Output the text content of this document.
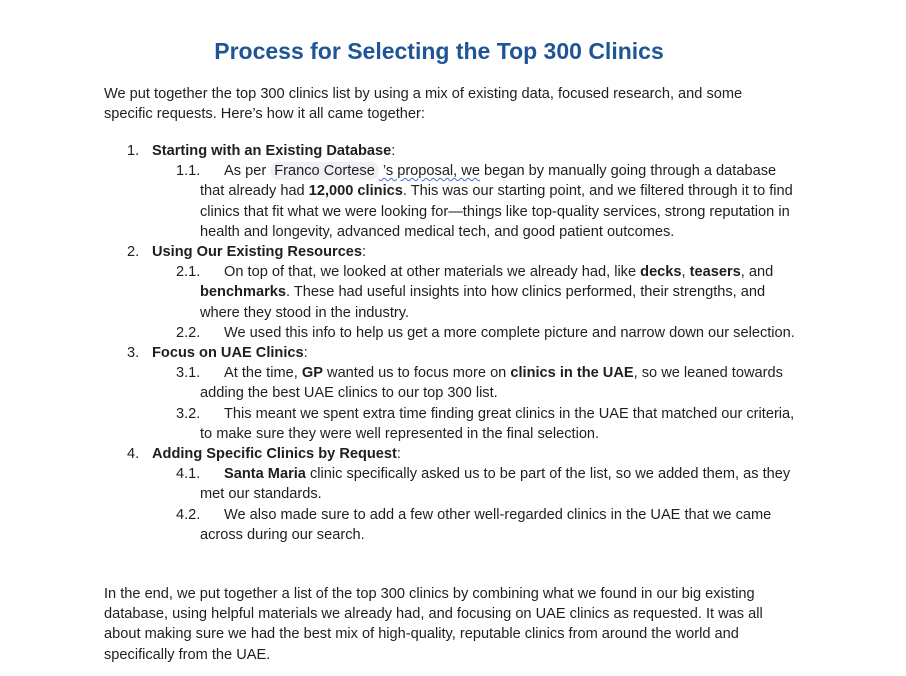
Process for Selecting the Top 300 Clinics

We put together the top 300 clinics list by using a mix of existing data, focused research, and some specific requests. Here’s how it all came together:

1. Starting with an Existing Database:
1.1. As per Franco Cortese ’s proposal, we began by manually going through a database that already had 12,000 clinics. This was our starting point, and we filtered through it to find clinics that fit what we were looking for—things like top-quality services, strong reputation in health and longevity, advanced medical tech, and good patient outcomes.
2. Using Our Existing Resources:
2.1. On top of that, we looked at other materials we already had, like decks, teasers, and benchmarks. These had useful insights into how clinics performed, their strengths, and where they stood in the industry.
2.2. We used this info to help us get a more complete picture and narrow down our selection.
3. Focus on UAE Clinics:
3.1. At the time, GP wanted us to focus more on clinics in the UAE, so we leaned towards adding the best UAE clinics to our top 300 list.
3.2. This meant we spent extra time finding great clinics in the UAE that matched our criteria, to make sure they were well represented in the final selection.
4. Adding Specific Clinics by Request:
4.1. Santa Maria clinic specifically asked us to be part of the list, so we added them, as they met our standards.
4.2. We also made sure to add a few other well-regarded clinics in the UAE that we came across during our search.

In the end, we put together a list of the top 300 clinics by combining what we found in our big existing database, using helpful materials we already had, and focusing on UAE clinics as requested. It was all about making sure we had the best mix of high-quality, reputable clinics from around the world and specifically from the UAE.
